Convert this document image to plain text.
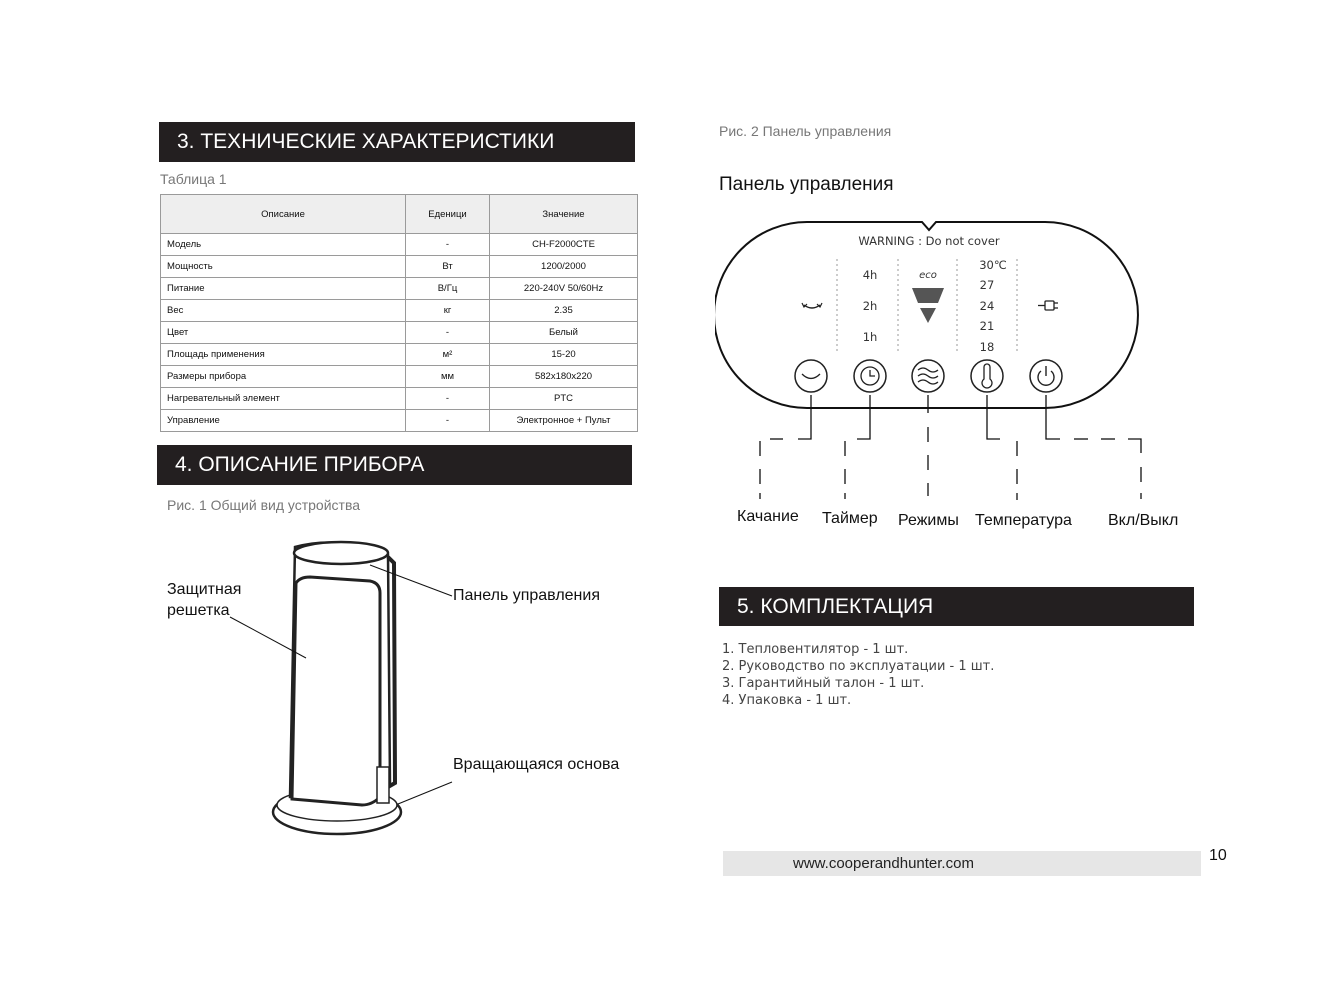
3. ТЕХНИЧЕСКИЕ ХАРАКТЕРИСТИКИ
Таблица 1
Описание	Еденици	Значение
Модель	-	CH-F2000CTE
Мощность	Вт	1200/2000
Питание	В/Гц	220-240V 50/60Hz
Вес	кг	2.35
Цвет	-	Белый
Площадь применения	м²	15-20
Размеры прибора	мм	582x180x220
Нагревательный элемент	-	PTC
Управление	-	Электронное + Пульт
4. ОПИСАНИЕ ПРИБОРА
Рис. 1 Общий вид устройства
Защитная
решетка
Панель управления
Вращающаяся основа
Рис. 2 Панель управления
Панель управления
WARNING : Do not cover
4h
2h
1h
eco
30℃
27
24
21
18
Качание Таймер Режимы Температура Вкл/Выкл
5. КОМПЛЕКТАЦИЯ
1. Тепловентилятор - 1 шт.
2. Руководство по эксплуатации - 1 шт.
3. Гарантийный талон - 1 шт.
4. Упаковка - 1 шт.
www.cooperandhunter.com	10
